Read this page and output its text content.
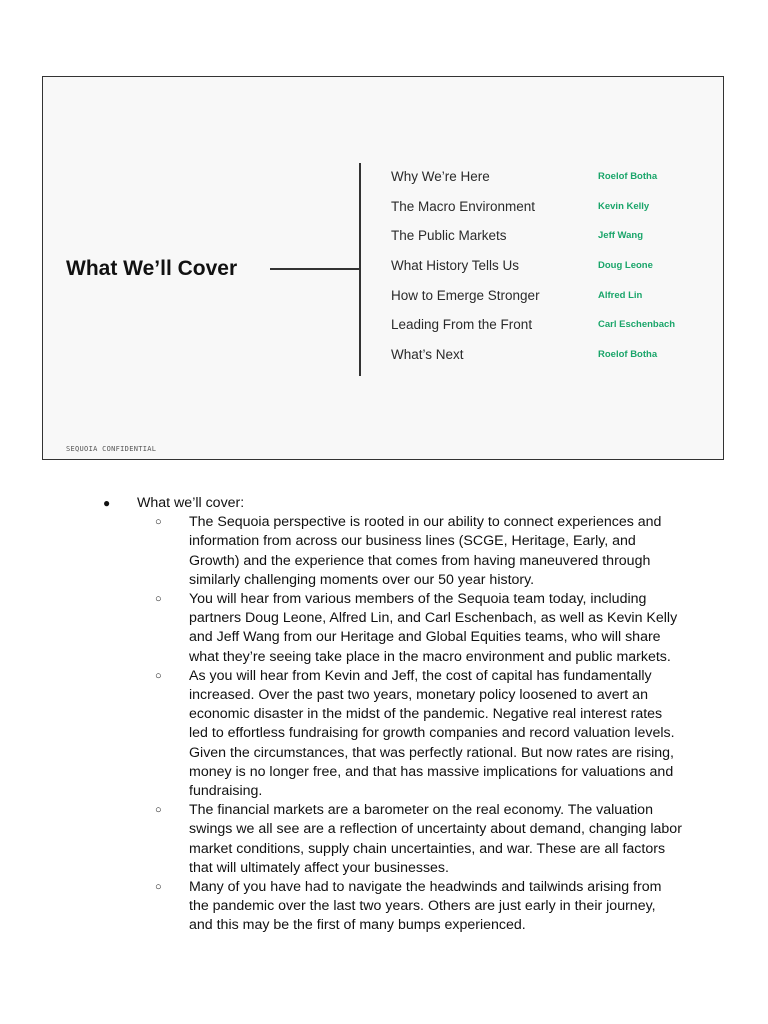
What We’ll Cover
Why We’re Here	Roelof Botha
The Macro Environment	Kevin Kelly
The Public Markets	Jeff Wang
What History Tells Us	Doug Leone
How to Emerge Stronger	Alfred Lin
Leading From the Front	Carl Eschenbach
What’s Next	Roelof Botha
SEQUOIA CONFIDENTIAL
● What we’ll cover:
○ The Sequoia perspective is rooted in our ability to connect experiences and information from across our business lines (SCGE, Heritage, Early, and Growth) and the experience that comes from having maneuvered through similarly challenging moments over our 50 year history.
○ You will hear from various members of the Sequoia team today, including partners Doug Leone, Alfred Lin, and Carl Eschenbach, as well as Kevin Kelly and Jeff Wang from our Heritage and Global Equities teams, who will share what they’re seeing take place in the macro environment and public markets.
○ As you will hear from Kevin and Jeff, the cost of capital has fundamentally increased. Over the past two years, monetary policy loosened to avert an economic disaster in the midst of the pandemic. Negative real interest rates led to effortless fundraising for growth companies and record valuation levels. Given the circumstances, that was perfectly rational. But now rates are rising, money is no longer free, and that has massive implications for valuations and fundraising.
○ The financial markets are a barometer on the real economy. The valuation swings we all see are a reflection of uncertainty about demand, changing labor market conditions, supply chain uncertainties, and war. These are all factors that will ultimately affect your businesses.
○ Many of you have had to navigate the headwinds and tailwinds arising from the pandemic over the last two years. Others are just early in their journey, and this may be the first of many bumps experienced.
